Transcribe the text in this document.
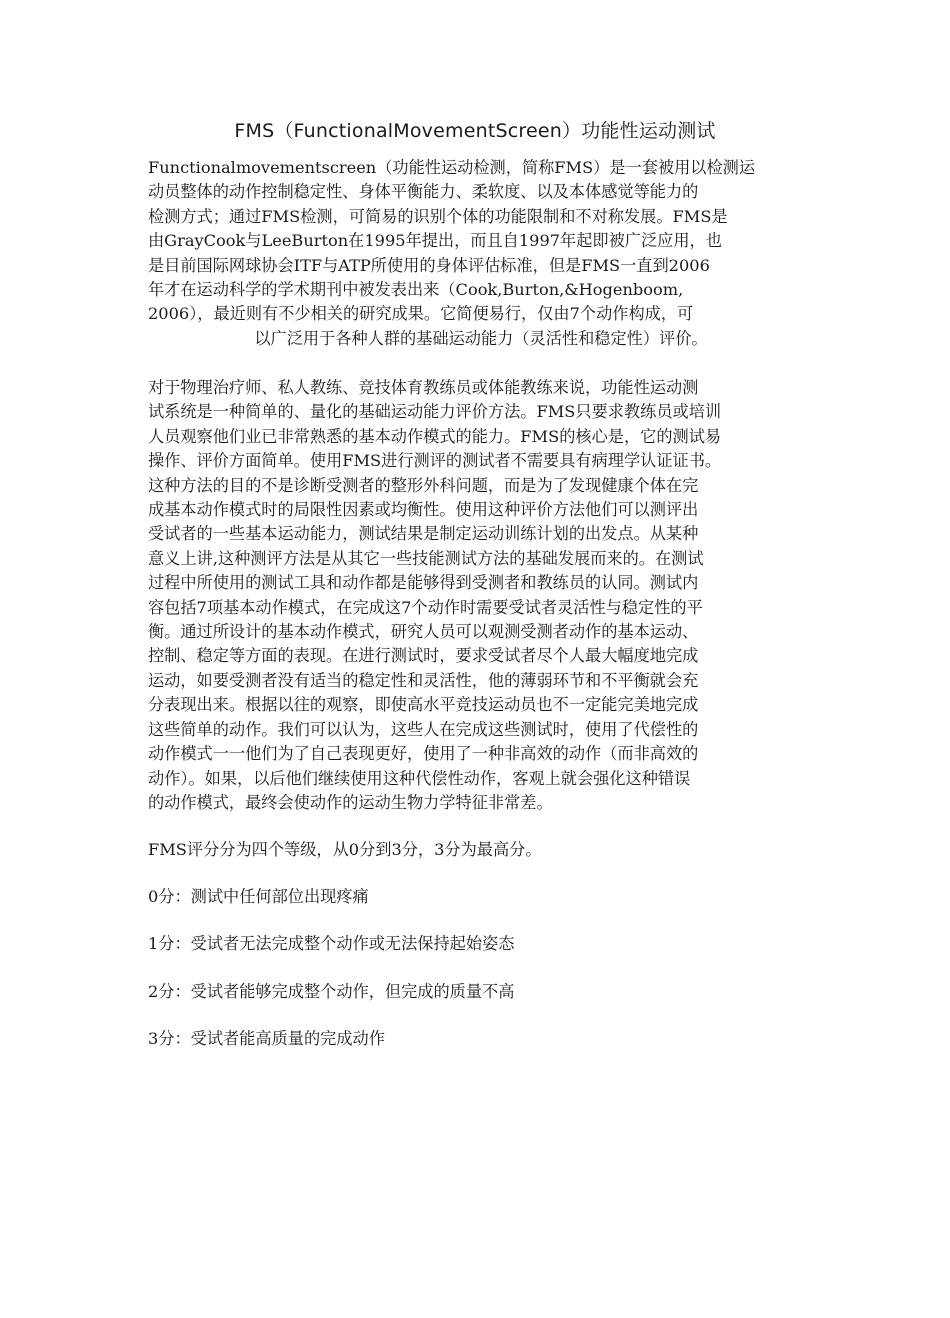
FMS（FunctionalMovementScreen）功能性运动测试
Functionalmovementscreen（功能性运动检测，简称FMS）是一套被用以检测运
动员整体的动作控制稳定性、身体平衡能力、柔软度、以及本体感觉等能力的
检测方式；通过FMS检测，可简易的识别个体的功能限制和不对称发展。FMS是
由GrayCook与LeeBurton在1995年提出，而且自1997年起即被广泛应用，也
是目前国际网球协会ITF与ATP所使用的身体评估标准，但是FMS一直到2006
年才在运动科学的学术期刊中被发表出来（Cook,Burton,&Hogenboom,
2006），最近则有不少相关的研究成果。它简便易行，仅由7个动作构成，可
以广泛用于各种人群的基础运动能力（灵活性和稳定性）评价。
对于物理治疗师、私人教练、竞技体育教练员或体能教练来说，功能性运动测
试系统是一种简单的、量化的基础运动能力评价方法。FMS只要求教练员或培训
人员观察他们业已非常熟悉的基本动作模式的能力。FMS的核心是，它的测试易
操作、评价方面简单。使用FMS进行测评的测试者不需要具有病理学认证证书。
这种方法的目的不是诊断受测者的整形外科问题，而是为了发现健康个体在完
成基本动作模式时的局限性因素或均衡性。使用这种评价方法他们可以测评出
受试者的一些基本运动能力，测试结果是制定运动训练计划的出发点。从某种
意义上讲,这种测评方法是从其它一些技能测试方法的基础发展而来的。在测试
过程中所使用的测试工具和动作都是能够得到受测者和教练员的认同。测试内
容包括7项基本动作模式，在完成这7个动作时需要受试者灵活性与稳定性的平
衡。通过所设计的基本动作模式，研究人员可以观测受测者动作的基本运动、
控制、稳定等方面的表现。在进行测试时，要求受试者尽个人最大幅度地完成
运动，如要受测者没有适当的稳定性和灵活性，他的薄弱环节和不平衡就会充
分表现出来。根据以往的观察，即使高水平竞技运动员也不一定能完美地完成
这些简单的动作。我们可以认为，这些人在完成这些测试时，使用了代偿性的
动作模式一一他们为了自己表现更好，使用了一种非高效的动作（而非高效的
动作）。如果，以后他们继续使用这种代偿性动作，客观上就会强化这种错误
的动作模式，最终会使动作的运动生物力学特征非常差。
FMS评分分为四个等级，从0分到3分，3分为最高分。
0分：测试中任何部位出现疼痛
1分：受试者无法完成整个动作或无法保持起始姿态
2分：受试者能够完成整个动作，但完成的质量不高
3分：受试者能高质量的完成动作
